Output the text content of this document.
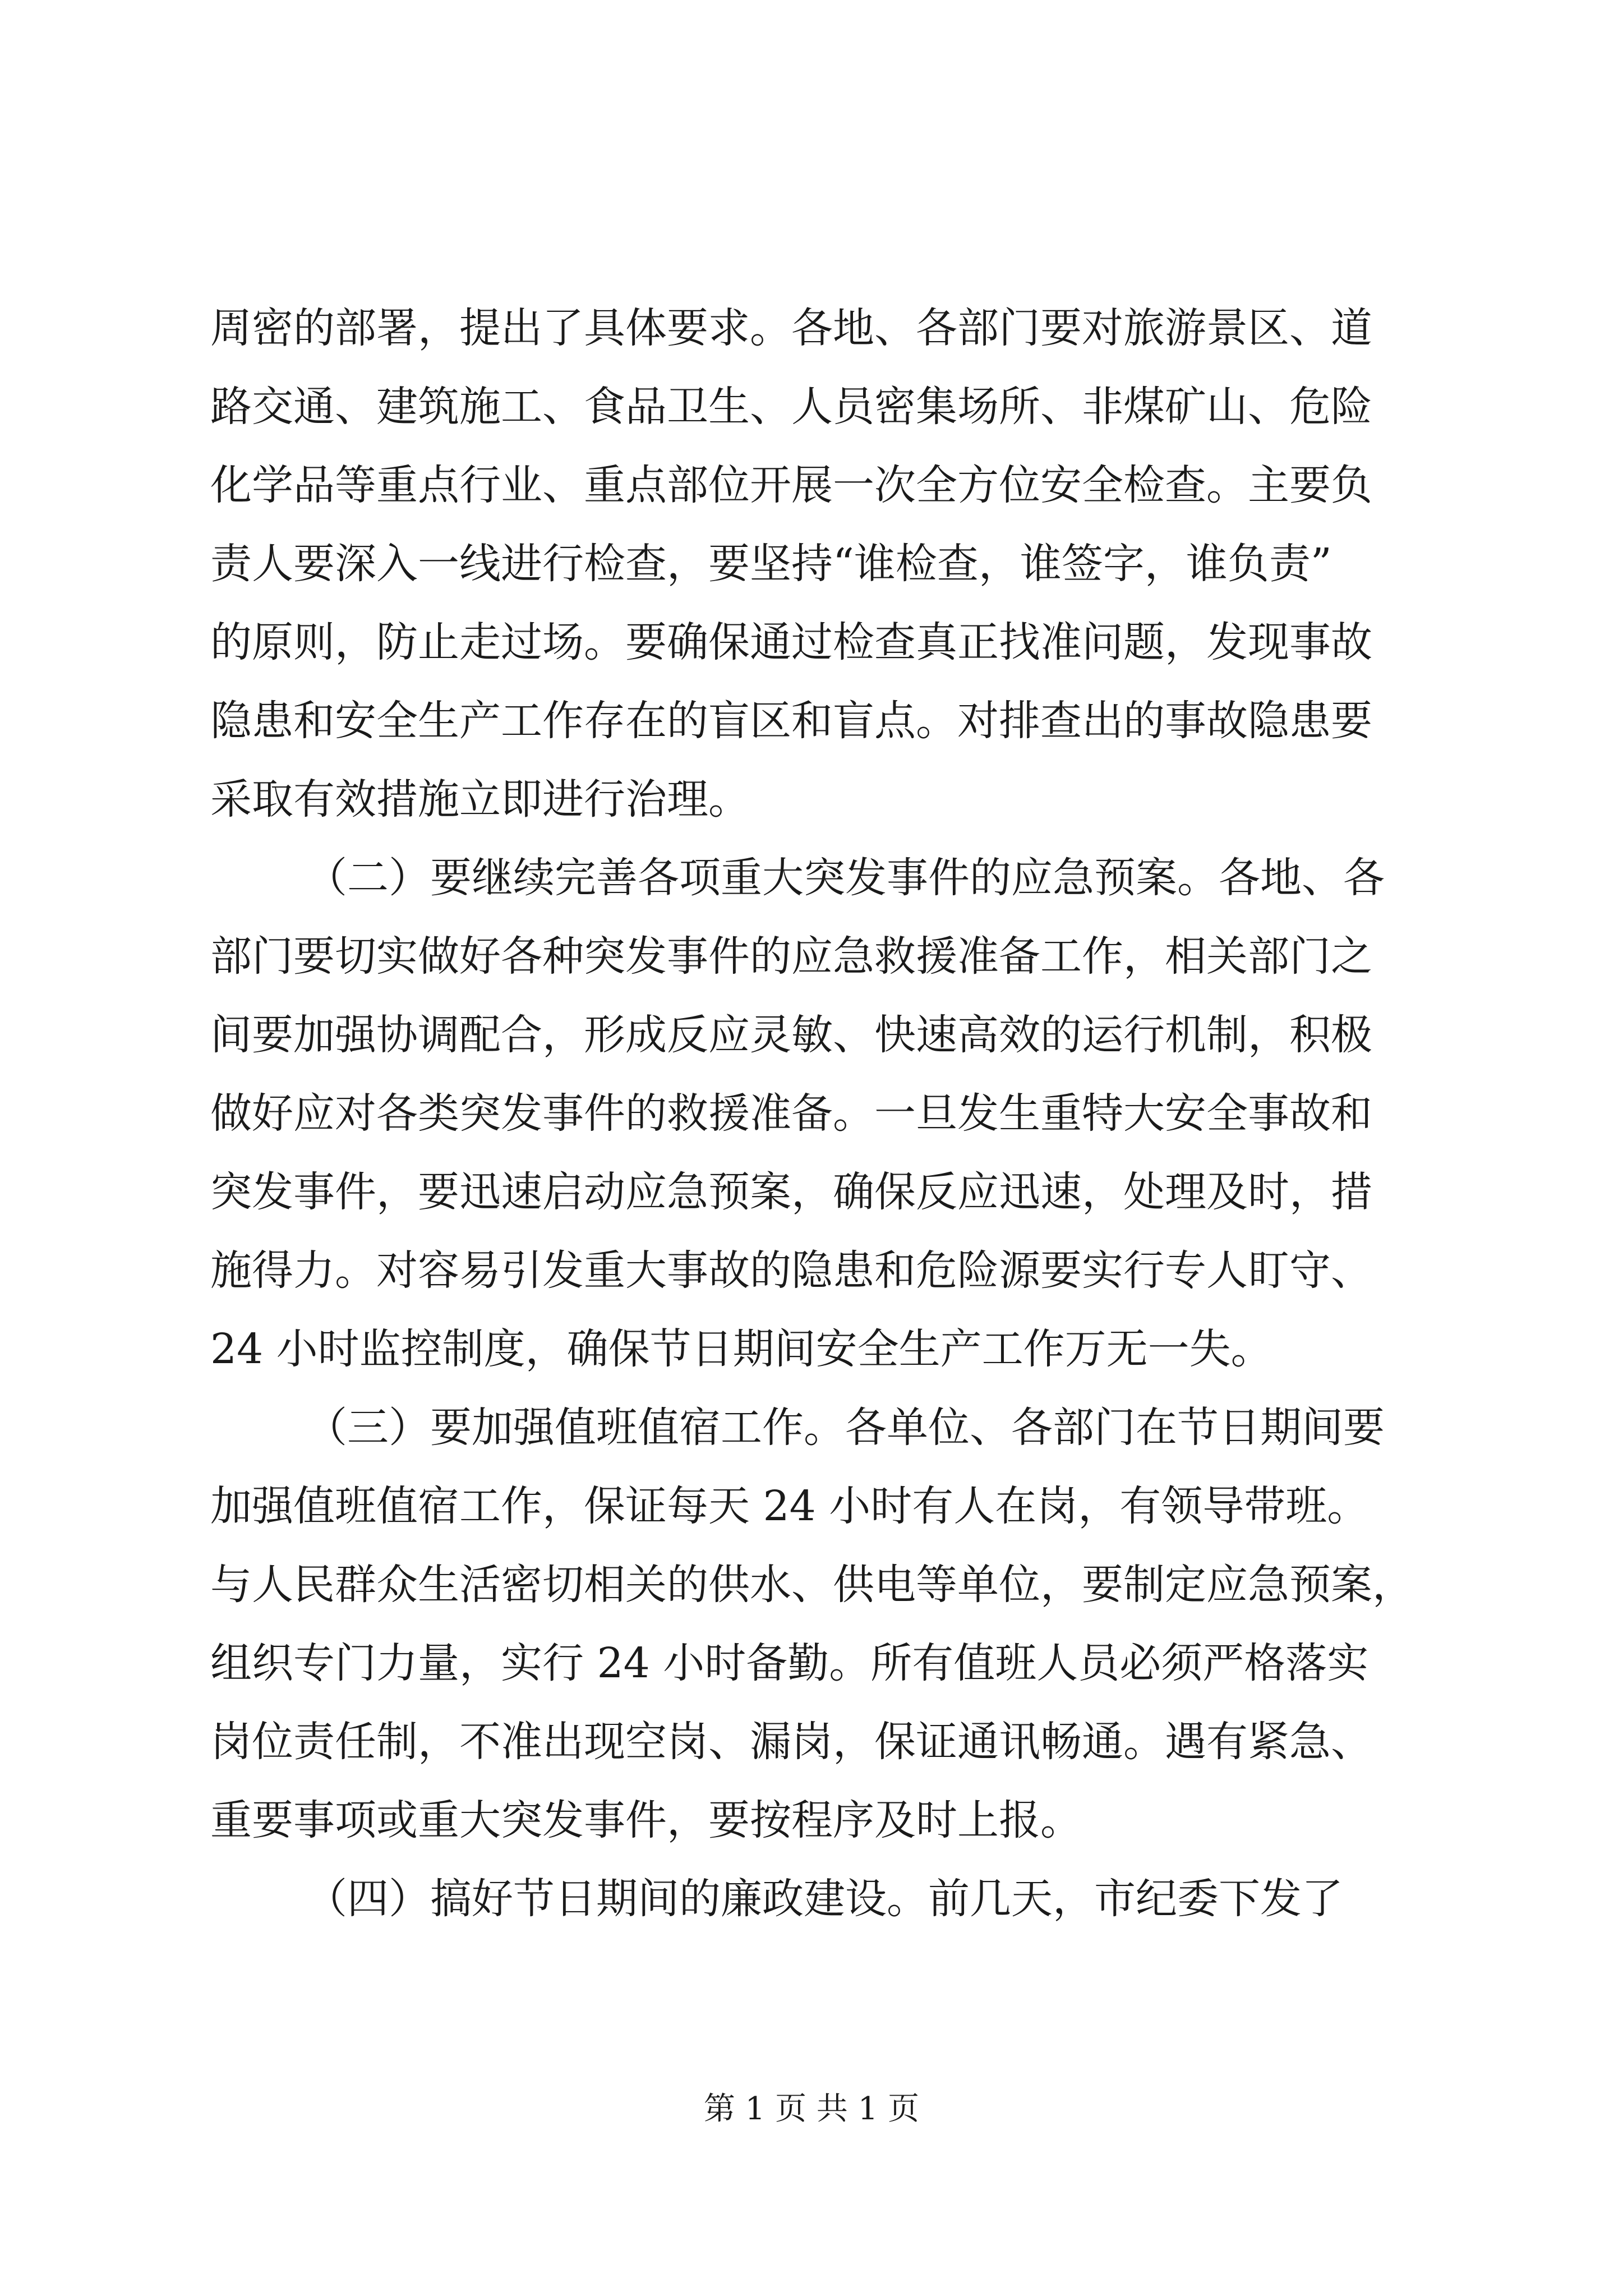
周密的部署，提出了具体要求。各地、各部门要对旅游景区、道
路交通、建筑施工、食品卫生、人员密集场所、非煤矿山、危险
化学品等重点行业、重点部位开展一次全方位安全检查。主要负
责人要深入一线进行检查，要坚持“谁检查，谁签字，谁负责”
的原则，防止走过场。要确保通过检查真正找准问题，发现事故
隐患和安全生产工作存在的盲区和盲点。对排查出的事故隐患要
采取有效措施立即进行治理。
（二）要继续完善各项重大突发事件的应急预案。各地、各
部门要切实做好各种突发事件的应急救援准备工作，相关部门之
间要加强协调配合，形成反应灵敏、快速高效的运行机制，积极
做好应对各类突发事件的救援准备。一旦发生重特大安全事故和
突发事件，要迅速启动应急预案，确保反应迅速，处理及时，措
施得力。对容易引发重大事故的隐患和危险源要实行专人盯守、
24 小时监控制度，确保节日期间安全生产工作万无一失。
（三）要加强值班值宿工作。各单位、各部门在节日期间要
加强值班值宿工作，保证每天 24 小时有人在岗，有领导带班。
与人民群众生活密切相关的供水、供电等单位，要制定应急预案，
组织专门力量，实行 24 小时备勤。所有值班人员必须严格落实
岗位责任制，不准出现空岗、漏岗，保证通讯畅通。遇有紧急、
重要事项或重大突发事件，要按程序及时上报。
（四）搞好节日期间的廉政建设。前几天，市纪委下发了
第 1 页 共 1 页
